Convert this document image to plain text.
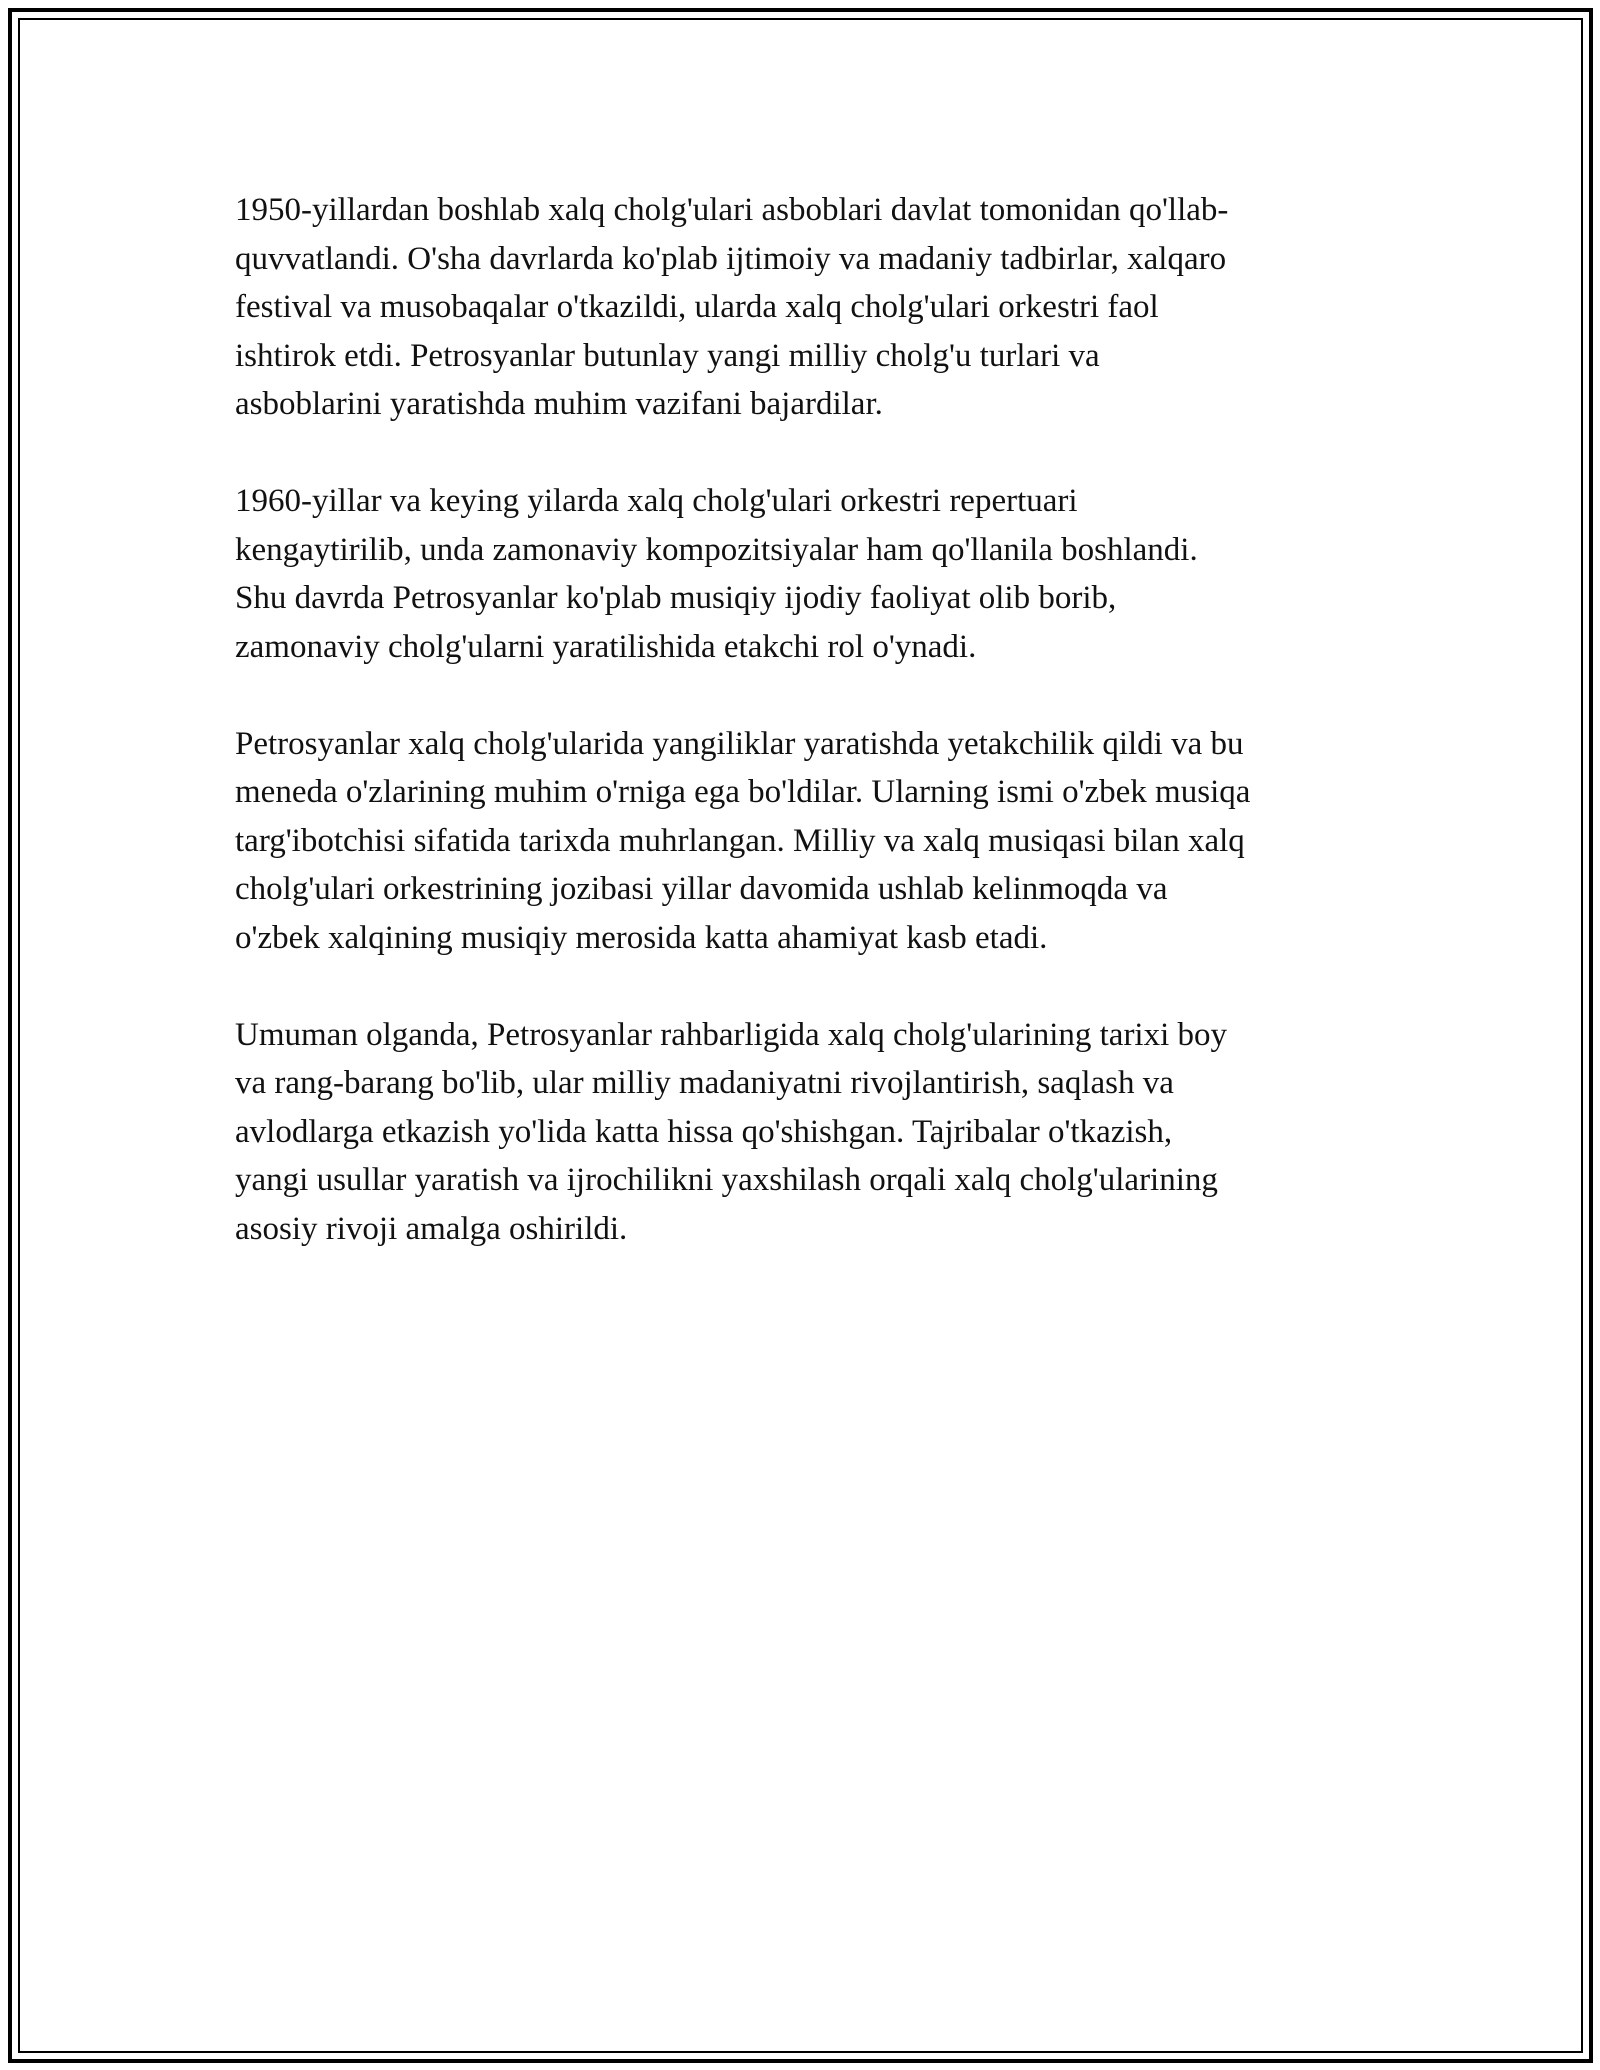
1950-yillardan boshlab xalq cholg'ulari asboblari davlat tomonidan qo'llab-
quvvatlandi. O'sha davrlarda ko'plab ijtimoiy va madaniy tadbirlar, xalqaro
festival va musobaqalar o'tkazildi, ularda xalq cholg'ulari orkestri faol
ishtirok etdi. Petrosyanlar butunlay yangi milliy cholg'u turlari va
asboblarini yaratishda muhim vazifani bajardilar.

1960-yillar va keying yilarda xalq cholg'ulari orkestri repertuari
kengaytirilib, unda zamonaviy kompozitsiyalar ham qo'llanila boshlandi.
Shu davrda Petrosyanlar ko'plab musiqiy ijodiy faoliyat olib borib,
zamonaviy cholg'ularni yaratilishida etakchi rol o'ynadi.

Petrosyanlar xalq cholg'ularida yangiliklar yaratishda yetakchilik qildi va bu
meneda o'zlarining muhim o'rniga ega bo'ldilar. Ularning ismi o'zbek musiqa
targ'ibotchisi sifatida tarixda muhrlangan. Milliy va xalq musiqasi bilan xalq
cholg'ulari orkestrining jozibasi yillar davomida ushlab kelinmoqda va
o'zbek xalqining musiqiy merosida katta ahamiyat kasb etadi.

Umuman olganda, Petrosyanlar rahbarligida xalq cholg'ularining tarixi boy
va rang-barang bo'lib, ular milliy madaniyatni rivojlantirish, saqlash va
avlodlarga etkazish yo'lida katta hissa qo'shishgan. Tajribalar o'tkazish,
yangi usullar yaratish va ijrochilikni yaxshilash orqali xalq cholg'ularining
asosiy rivoji amalga oshirildi.
